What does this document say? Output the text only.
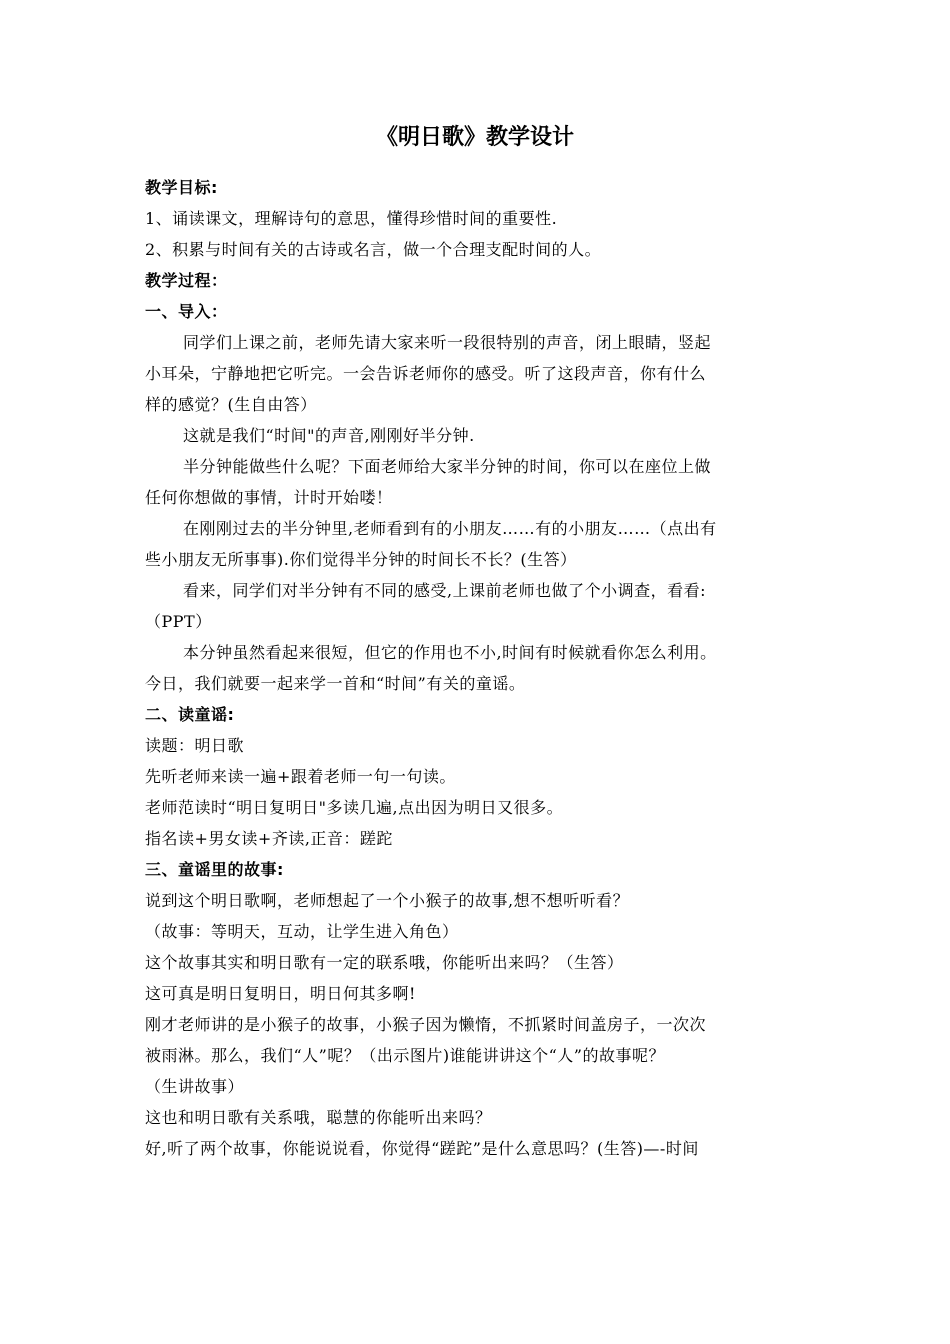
《明日歌》教学设计
教学目标:
1、诵读课文，理解诗句的意思，懂得珍惜时间的重要性.
2、积累与时间有关的古诗或名言，做一个合理支配时间的人。
教学过程：
一、导入：
同学们上课之前，老师先请大家来听一段很特别的声音，闭上眼睛，竖起
小耳朵，宁静地把它听完。一会告诉老师你的感受。听了这段声音，你有什么
样的感觉？(生自由答）
这就是我们“时间"的声音,刚刚好半分钟.
半分钟能做些什么呢？下面老师给大家半分钟的时间，你可以在座位上做
任何你想做的事情，计时开始喽！
在刚刚过去的半分钟里,老师看到有的小朋友……有的小朋友……（点出有
些小朋友无所事事).你们觉得半分钟的时间长不长？(生答）
看来，同学们对半分钟有不同的感受,上课前老师也做了个小调查，看看:
（PPT）
本分钟虽然看起来很短，但它的作用也不小,时间有时候就看你怎么利用。
今日，我们就要一起来学一首和“时间”有关的童谣。
二、读童谣:
读题：明日歌
先听老师来读一遍+跟着老师一句一句读。
老师范读时“明日复明日"多读几遍,点出因为明日又很多。
指名读+男女读+齐读,正音：蹉跎
三、童谣里的故事:
说到这个明日歌啊，老师想起了一个小猴子的故事,想不想听听看？
（故事：等明天，互动，让学生进入角色）
这个故事其实和明日歌有一定的联系哦，你能听出来吗？（生答）
这可真是明日复明日，明日何其多啊!
刚才老师讲的是小猴子的故事，小猴子因为懒惰，不抓紧时间盖房子，一次次
被雨淋。那么，我们“人”呢？（出示图片)谁能讲讲这个“人”的故事呢？
（生讲故事）
这也和明日歌有关系哦，聪慧的你能听出来吗？
好,听了两个故事，你能说说看，你觉得“蹉跎”是什么意思吗？(生答)—-时间
